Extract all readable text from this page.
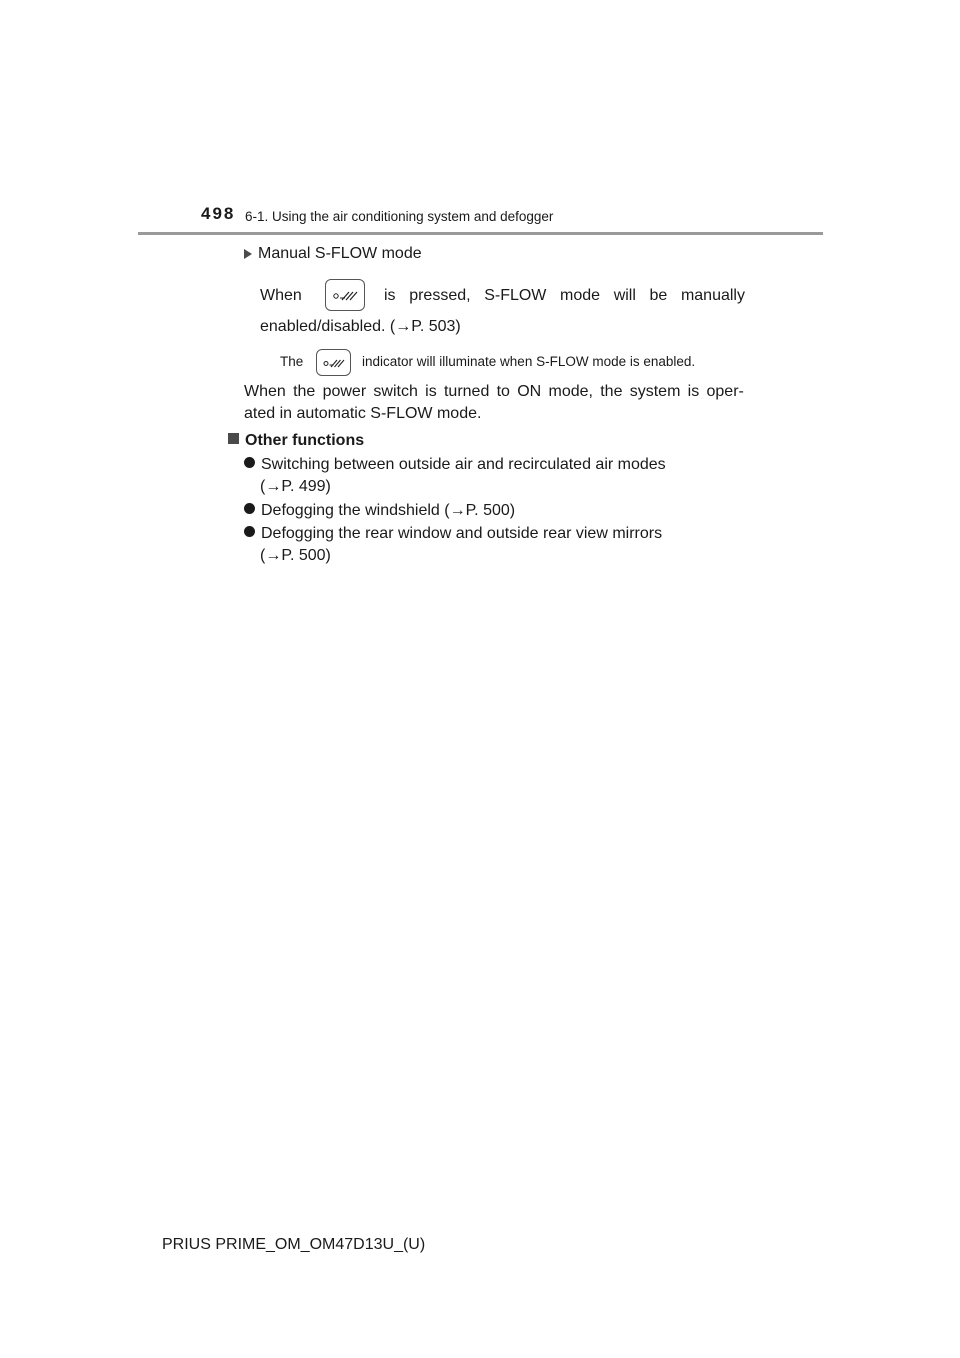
498 6-1. Using the air conditioning system and defogger
Manual S-FLOW mode
When	is pressed, S-FLOW mode will be manually
enabled/disabled. (→P. 503)
The	indicator will illuminate when S-FLOW mode is enabled.
When the power switch is turned to ON mode, the system is oper-
ated in automatic S-FLOW mode.
Other functions
Switching between outside air and recirculated air modes
(→P. 499)
Defogging the windshield (→P. 500)
Defogging the rear window and outside rear view mirrors
(→P. 500)
PRIUS PRIME_OM_OM47D13U_(U)
